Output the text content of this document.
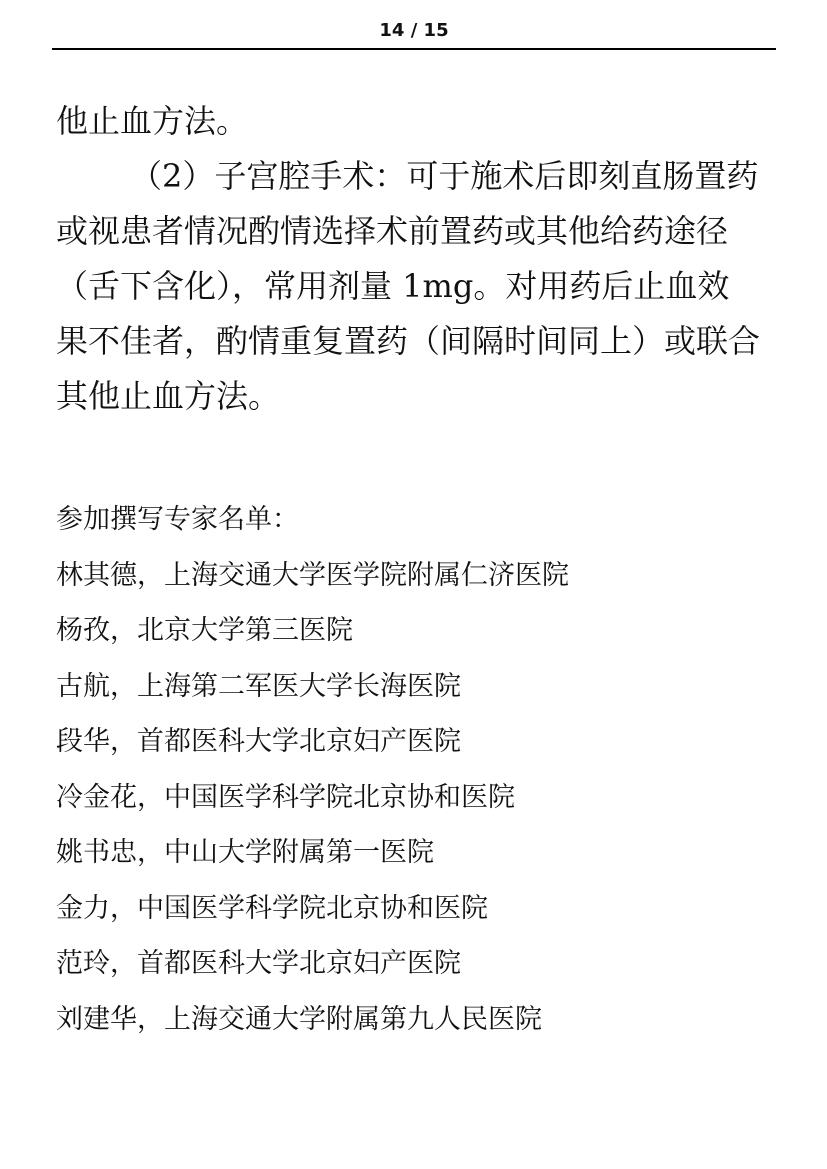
14 / 15
他止血方法。
（2）子宫腔手术：可于施术后即刻直肠置药
或视患者情况酌情选择术前置药或其他给药途径
（舌下含化），常用剂量 1mg。对用药后止血效
果不佳者，酌情重复置药（间隔时间同上）或联合
其他止血方法。
参加撰写专家名单：
林其德，上海交通大学医学院附属仁济医院
杨孜，北京大学第三医院
古航，上海第二军医大学长海医院
段华，首都医科大学北京妇产医院
冷金花，中国医学科学院北京协和医院
姚书忠，中山大学附属第一医院
金力，中国医学科学院北京协和医院
范玲，首都医科大学北京妇产医院
刘建华，上海交通大学附属第九人民医院
